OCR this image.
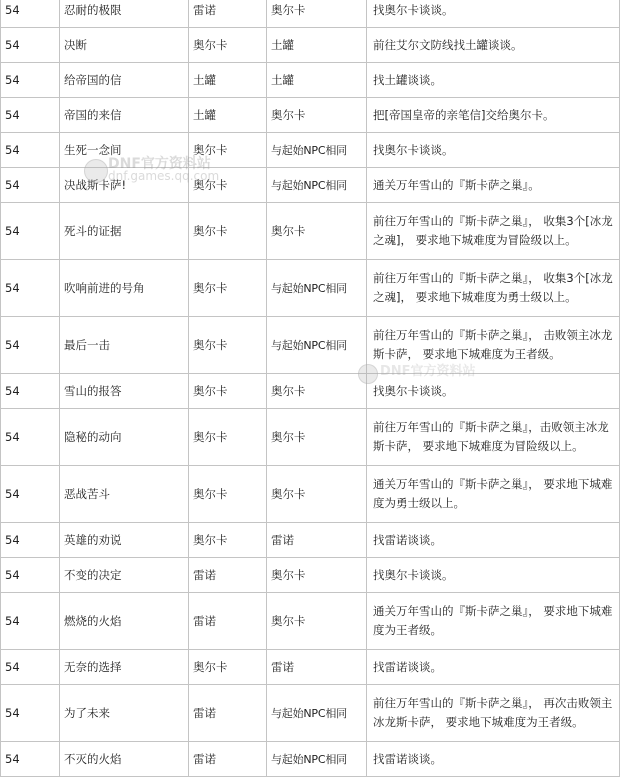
54	忍耐的极限	雷诺	奥尔卡	找奥尔卡谈谈。
54	决断	奥尔卡	土罐	前往艾尔文防线找土罐谈谈。
54	给帝国的信	土罐	土罐	找土罐谈谈。
54	帝国的来信	土罐	奥尔卡	把[帝国皇帝的亲笔信]交给奥尔卡。
54	生死一念间	奥尔卡	与起始NPC相同	找奥尔卡谈谈。
54	决战斯卡萨!	奥尔卡	与起始NPC相同	通关万年雪山的『斯卡萨之巢』。
54	死斗的证据	奥尔卡	奥尔卡	前往万年雪山的『斯卡萨之巢』， 收集3个[冰龙之魂]， 要求地下城难度为冒险级以上。
54	吹响前进的号角	奥尔卡	与起始NPC相同	前往万年雪山的『斯卡萨之巢』， 收集3个[冰龙之魂]， 要求地下城难度为勇士级以上。
54	最后一击	奥尔卡	与起始NPC相同	前往万年雪山的『斯卡萨之巢』， 击败领主冰龙斯卡萨， 要求地下城难度为王者级。
54	雪山的报答	奥尔卡	奥尔卡	找奥尔卡谈谈。
54	隐秘的动向	奥尔卡	奥尔卡	前往万年雪山的『斯卡萨之巢』，击败领主冰龙斯卡萨， 要求地下城难度为冒险级以上。
54	恶战苦斗	奥尔卡	奥尔卡	通关万年雪山的『斯卡萨之巢』， 要求地下城难度为勇士级以上。
54	英雄的劝说	奥尔卡	雷诺	找雷诺谈谈。
54	不变的决定	雷诺	奥尔卡	找奥尔卡谈谈。
54	燃烧的火焰	雷诺	奥尔卡	通关万年雪山的『斯卡萨之巢』， 要求地下城难度为王者级。
54	无奈的选择	奥尔卡	雷诺	找雷诺谈谈。
54	为了未来	雷诺	与起始NPC相同	前往万年雪山的『斯卡萨之巢』， 再次击败领主冰龙斯卡萨， 要求地下城难度为王者级。
54	不灭的火焰	雷诺	与起始NPC相同	找雷诺谈谈。
DNF官方资料站
dnf.games.qq.com
DNF官方资料站
